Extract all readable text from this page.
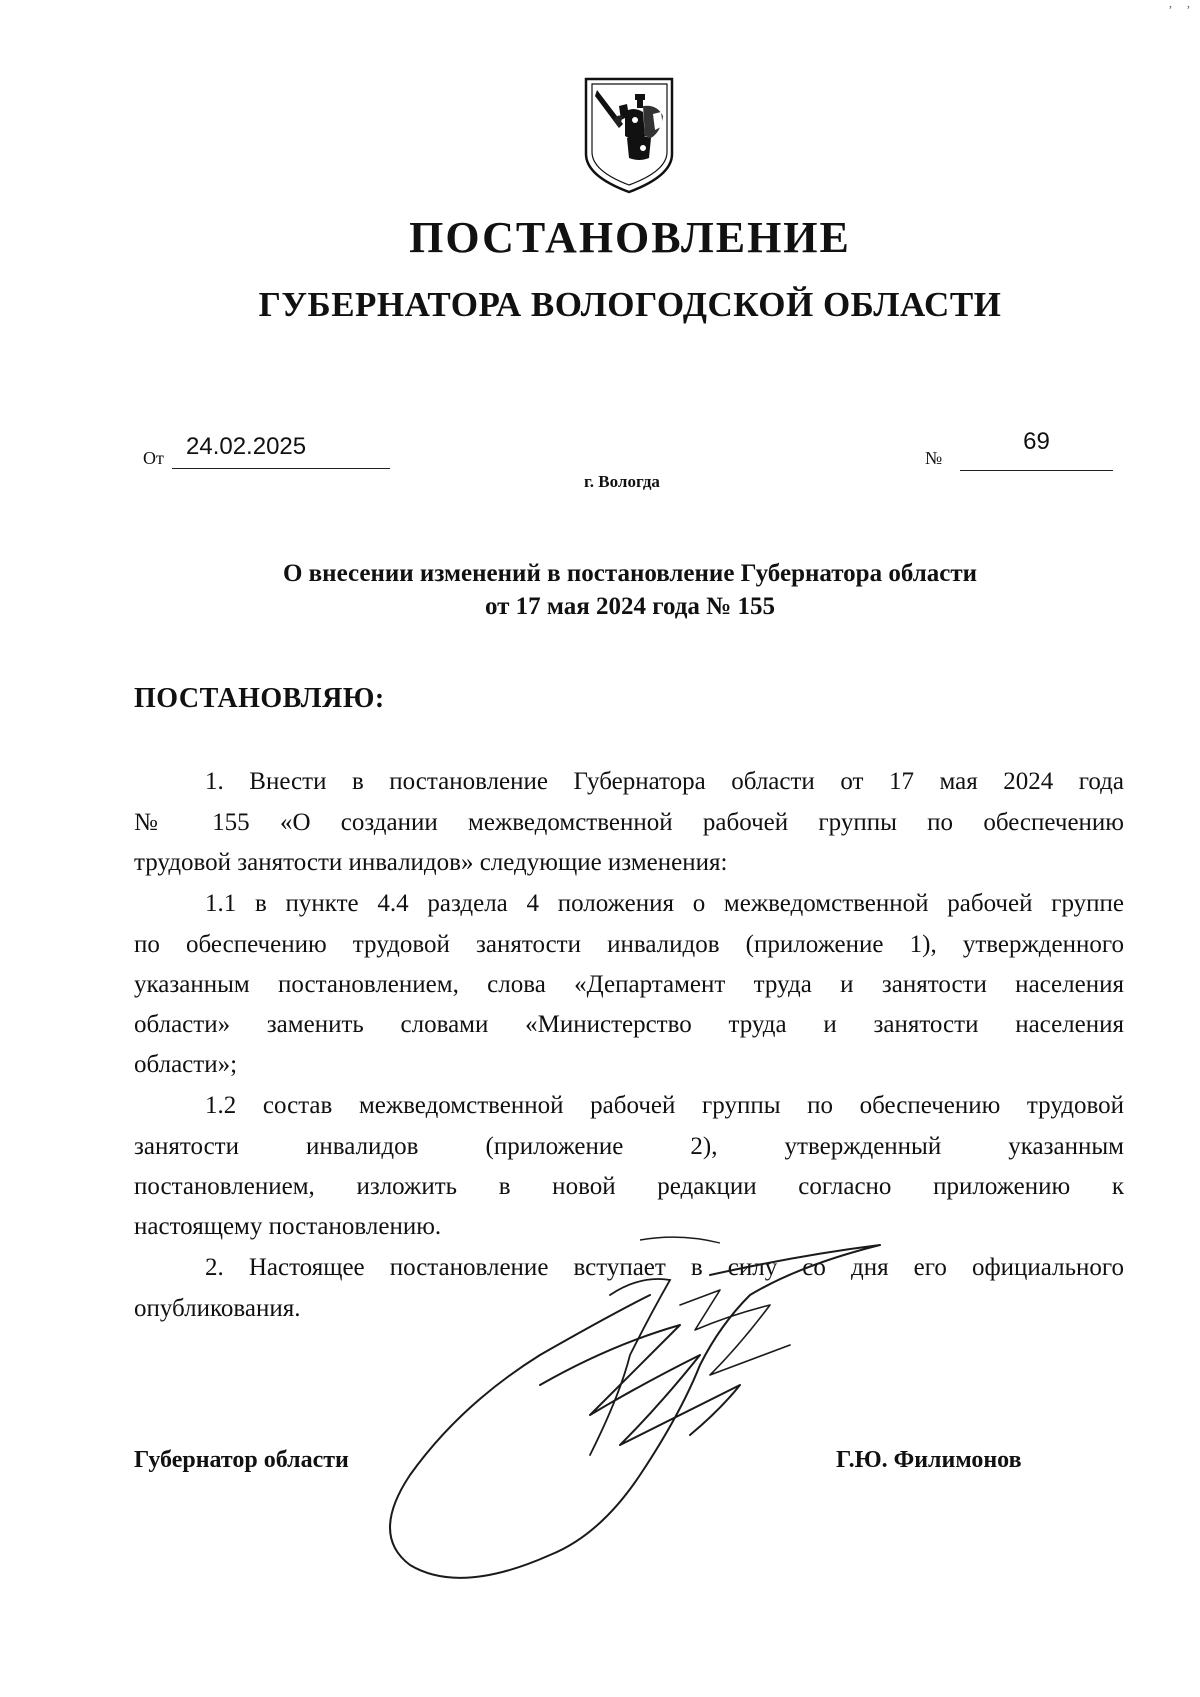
,     ,
ПОСТАНОВЛЕНИЕ
ГУБЕРНАТОРА ВОЛОГОДСКОЙ ОБЛАСТИ
От 24.02.2025	№
69
г. Вологда
О внесении изменений в постановление Губернатора области
от 17 мая 2024 года № 155
ПОСТАНОВЛЯЮ:
1. Внести в постановление Губернатора области от 17 мая 2024 года
№ 155 «О создании межведомственной рабочей группы по обеспечению
трудовой занятости инвалидов» следующие изменения:
1.1 в пункте 4.4 раздела 4 положения о межведомственной рабочей группе
по обеспечению трудовой занятости инвалидов (приложение 1), утвержденного
указанным постановлением, слова «Департамент труда и занятости населения
области» заменить словами «Министерство труда и занятости населения
области»;
1.2 состав межведомственной рабочей группы по обеспечению трудовой
занятости инвалидов (приложение 2), утвержденный указанным
постановлением, изложить в новой редакции согласно приложению к
настоящему постановлению.
2. Настоящее постановление вступает в силу со дня его официального
опубликования.
Губернатор области	Г.Ю. Филимонов
